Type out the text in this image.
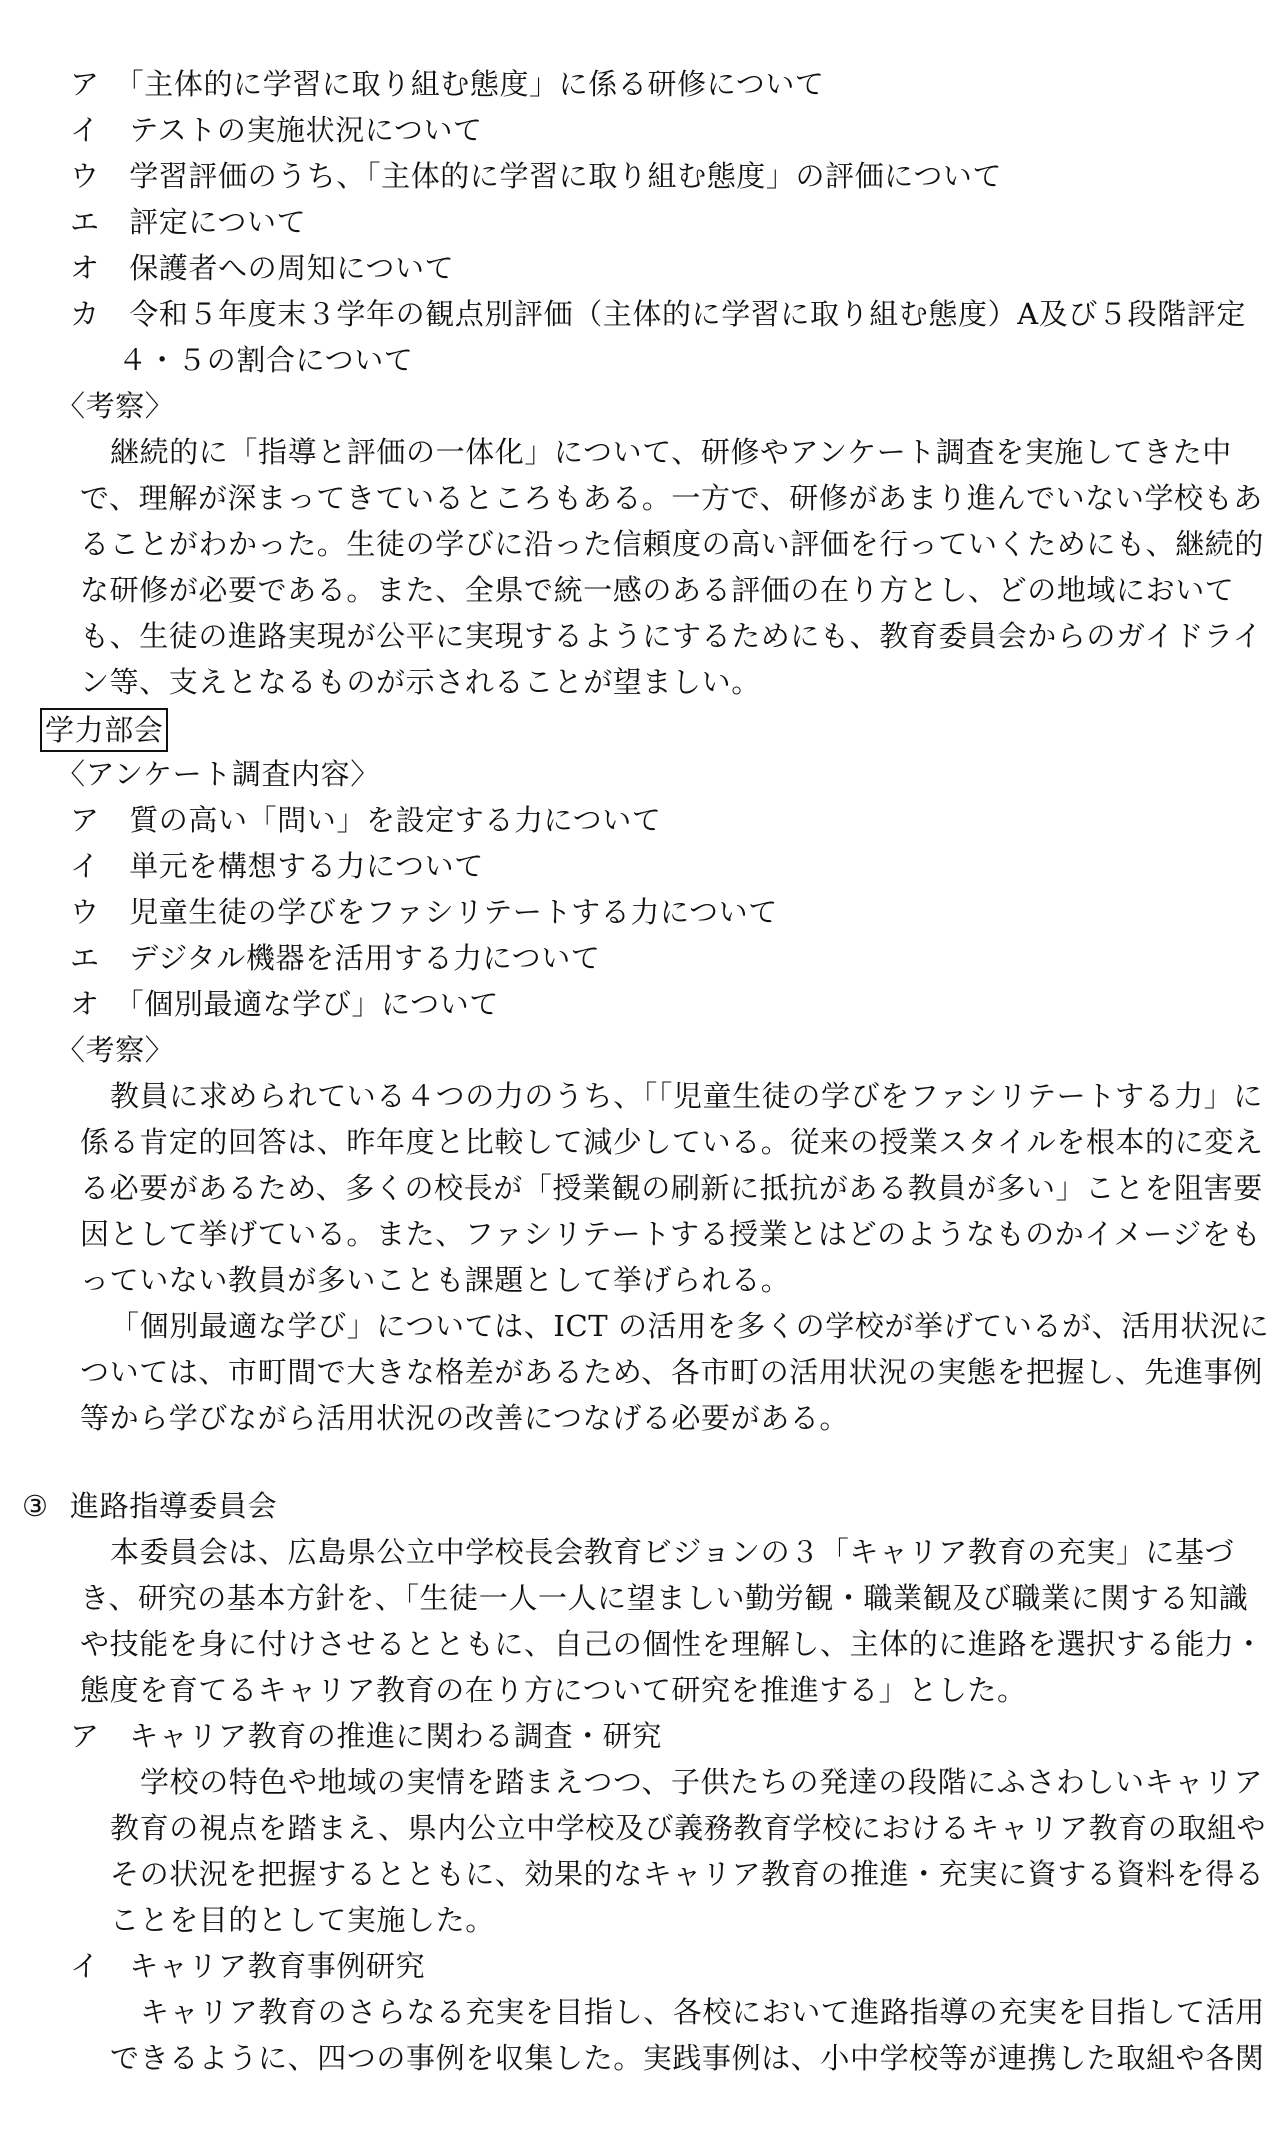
ア　「主体的に学習に取り組む態度」に係る研修について
イ　テストの実施状況について
ウ　学習評価のうち、「主体的に学習に取り組む態度」の評価について
エ　評定について
オ　保護者への周知について
カ　令和５年度末３学年の観点別評価（主体的に学習に取り組む態度）A及び５段階評定
４・５の割合について
〈考察〉
継続的に「指導と評価の一体化」について、研修やアンケート調査を実施してきた中
で、理解が深まってきているところもある。一方で、研修があまり進んでいない学校もあ
ることがわかった。生徒の学びに沿った信頼度の高い評価を行っていくためにも、継続的
な研修が必要である。また、全県で統一感のある評価の在り方とし、どの地域において
も、生徒の進路実現が公平に実現するようにするためにも、教育委員会からのガイドライ
ン等、支えとなるものが示されることが望ましい。
学力部会
〈アンケート調査内容〉
ア　質の高い「問い」を設定する力について
イ　単元を構想する力について
ウ　児童生徒の学びをファシリテートする力について
エ　デジタル機器を活用する力について
オ　「個別最適な学び」について
〈考察〉
教員に求められている４つの力のうち、「「児童生徒の学びをファシリテートする力」に
係る肯定的回答は、昨年度と比較して減少している。従来の授業スタイルを根本的に変え
る必要があるため、多くの校長が「授業観の刷新に抵抗がある教員が多い」ことを阻害要
因として挙げている。また、ファシリテートする授業とはどのようなものかイメージをも
っていない教員が多いことも課題として挙げられる。
「個別最適な学び」については、ICT の活用を多くの学校が挙げているが、活用状況に
ついては、市町間で大きな格差があるため、各市町の活用状況の実態を把握し、先進事例
等から学びながら活用状況の改善につなげる必要がある。
③ 進路指導委員会
本委員会は、広島県公立中学校長会教育ビジョンの３「キャリア教育の充実」に基づ
き、研究の基本方針を、「生徒一人一人に望ましい勤労観・職業観及び職業に関する知識
や技能を身に付けさせるとともに、自己の個性を理解し、主体的に進路を選択する能力・
態度を育てるキャリア教育の在り方について研究を推進する」とした。
ア　キャリア教育の推進に関わる調査・研究
学校の特色や地域の実情を踏まえつつ、子供たちの発達の段階にふさわしいキャリア
教育の視点を踏まえ、県内公立中学校及び義務教育学校におけるキャリア教育の取組や
その状況を把握するとともに、効果的なキャリア教育の推進・充実に資する資料を得る
ことを目的として実施した。
イ　キャリア教育事例研究
キャリア教育のさらなる充実を目指し、各校において進路指導の充実を目指して活用
できるように、四つの事例を収集した。実践事例は、小中学校等が連携した取組や各関
